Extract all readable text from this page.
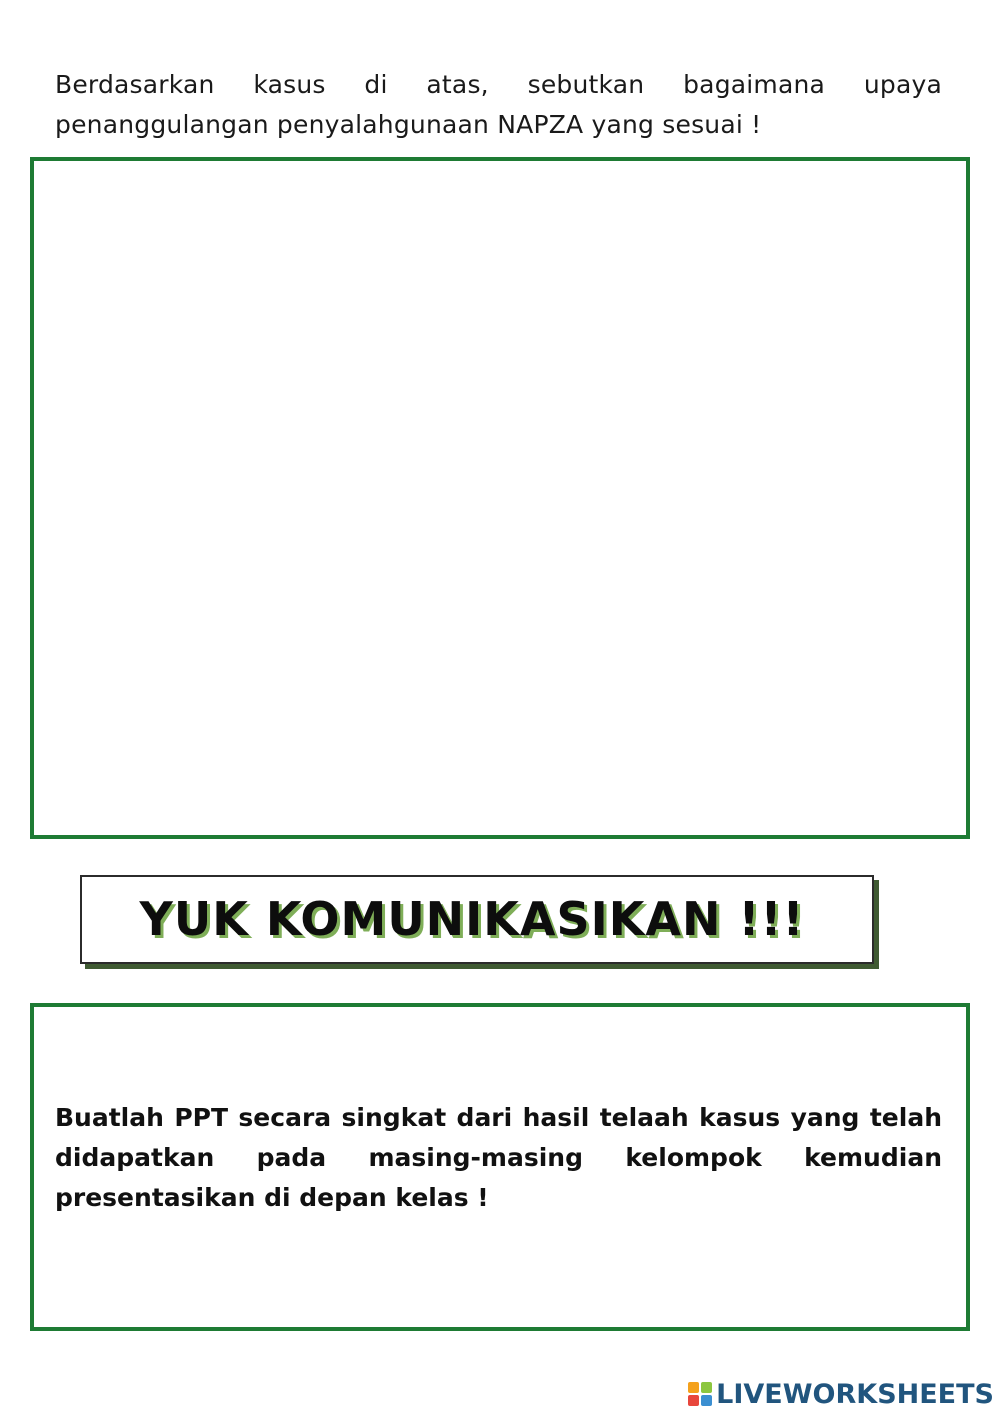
Berdasarkan kasus di atas, sebutkan bagaimana upaya penanggulangan penyalahgunaan NAPZA yang sesuai !

YUK KOMUNIKASIKAN !!!

Buatlah PPT secara singkat dari hasil telaah kasus yang telah didapatkan pada masing-masing kelompok kemudian presentasikan di depan kelas !

LIVEWORKSHEETS
